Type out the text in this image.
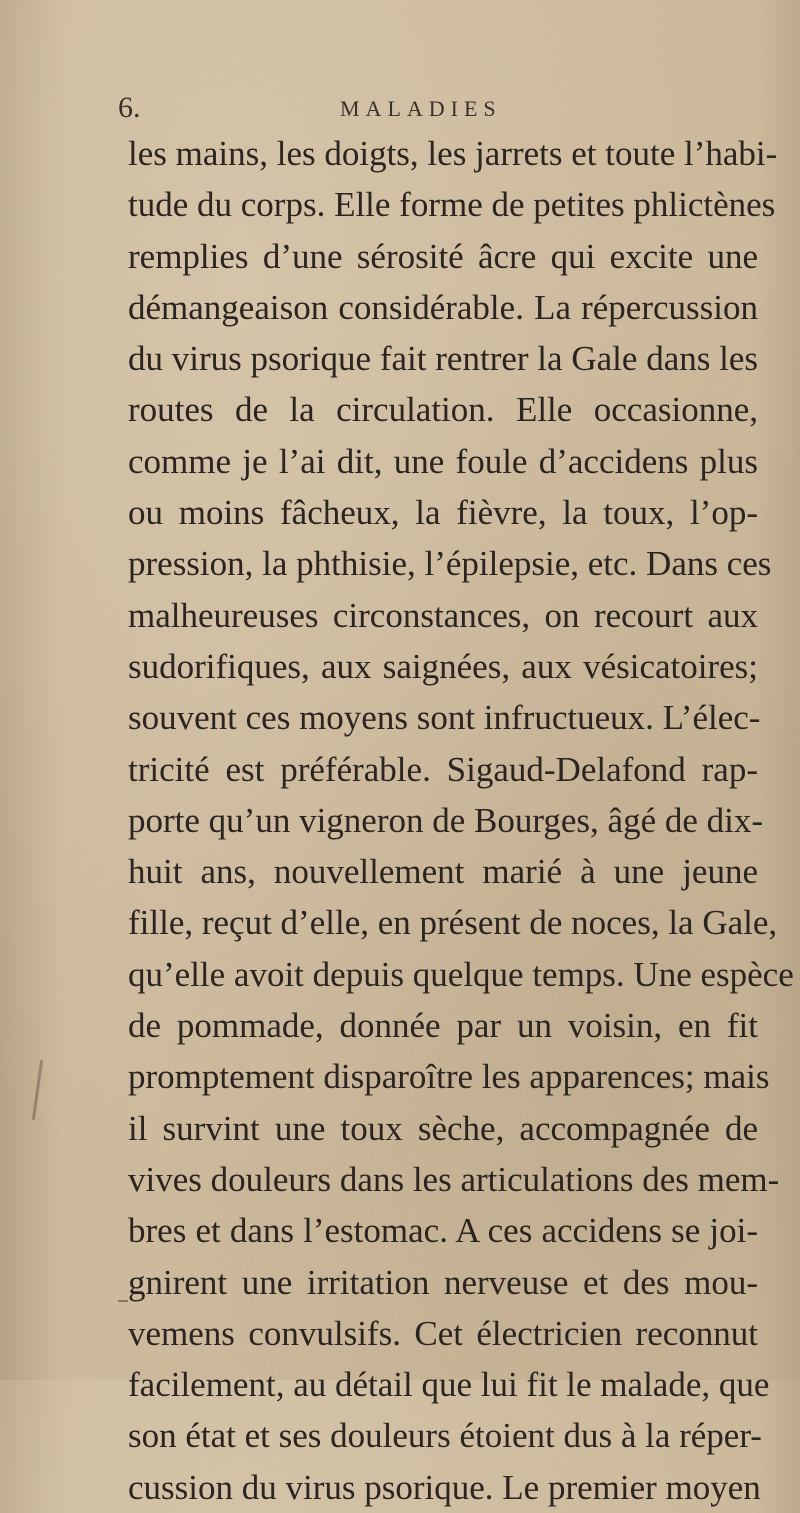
6.	MALADIES
les mains, les doigts, les jarrets et toute l’habi-
tude du corps. Elle forme de petites phlictènes
remplies d’une sérosité âcre qui excite une
démangeaison considérable. La répercussion
du virus psorique fait rentrer la Gale dans les
routes de la circulation. Elle occasionne,
comme je l’ai dit, une foule d’accidens plus
ou moins fâcheux, la fièvre, la toux, l’op-
pression, la phthisie, l’épilepsie, etc. Dans ces
malheureuses circonstances, on recourt aux
sudorifiques, aux saignées, aux vésicatoires;
souvent ces moyens sont infructueux. L’élec-
tricité est préférable. Sigaud-Delafond rap-
porte qu’un vigneron de Bourges, âgé de dix-
huit ans, nouvellement marié à une jeune
fille, reçut d’elle, en présent de noces, la Gale,
qu’elle avoit depuis quelque temps. Une espèce
de pommade, donnée par un voisin, en fit
promptement disparoître les apparences; mais
il survint une toux sèche, accompagnée de
vives douleurs dans les articulations des mem-
bres et dans l’estomac. A ces accidens se joi-
gnirent une irritation nerveuse et des mou-
vemens convulsifs. Cet électricien reconnut
facilement, au détail que lui fit le malade, que
son état et ses douleurs étoient dus à la réper-
cussion du virus psorique. Le premier moyen
